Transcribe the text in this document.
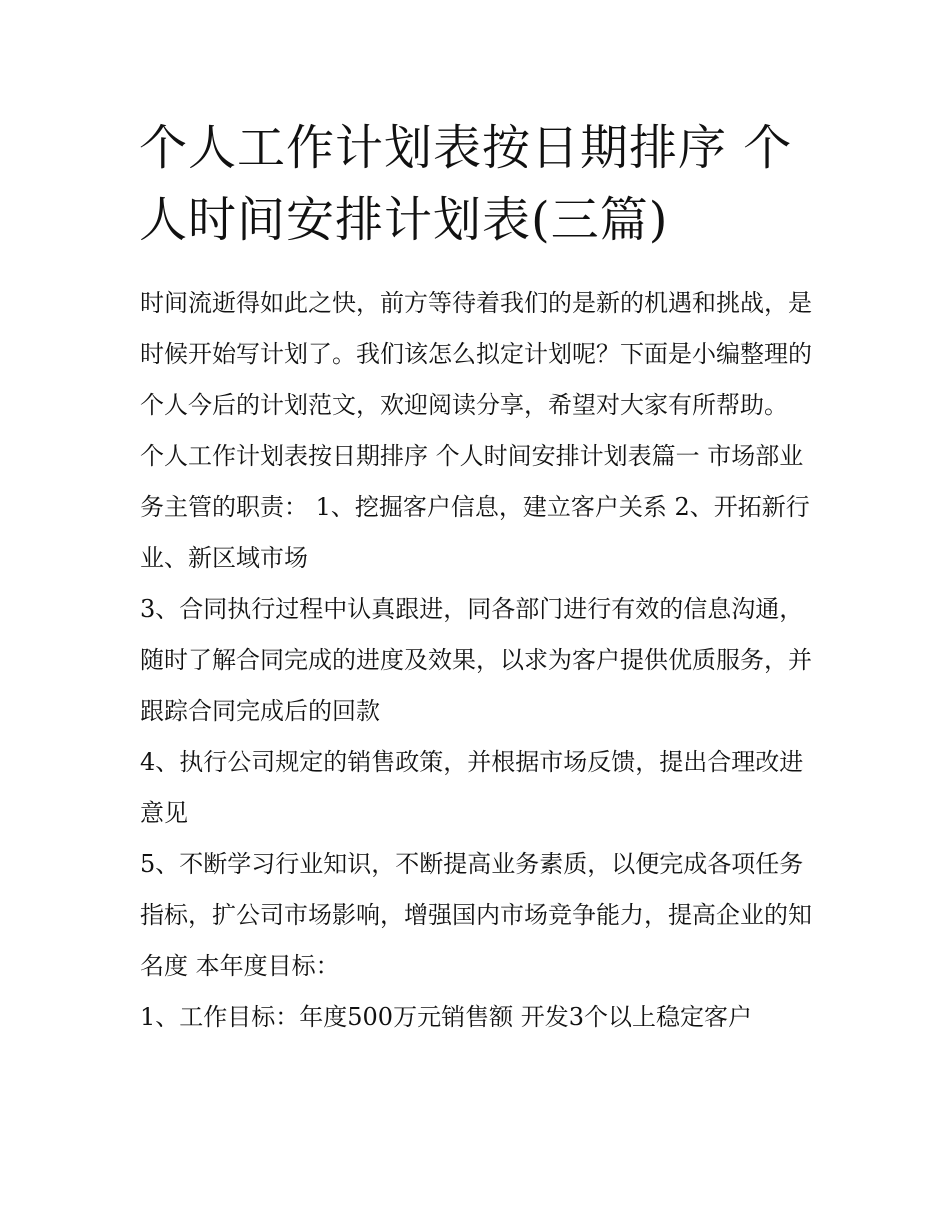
个人工作计划表按日期排序 个人时间安排计划表(三篇)

时间流逝得如此之快，前方等待着我们的是新的机遇和挑战，是时候开始写计划了。我们该怎么拟定计划呢？下面是小编整理的个人今后的计划范文，欢迎阅读分享，希望对大家有所帮助。

个人工作计划表按日期排序 个人时间安排计划表篇一 市场部业务主管的职责： 1、挖掘客户信息，建立客户关系 2、开拓新行业、新区域市场

3、合同执行过程中认真跟进，同各部门进行有效的信息沟通，随时了解合同完成的进度及效果，以求为客户提供优质服务，并跟踪合同完成后的回款

4、执行公司规定的销售政策，并根据市场反馈，提出合理改进意见

5、不断学习行业知识，不断提高业务素质，以便完成各项任务指标，扩公司市场影响，增强国内市场竞争能力，提高企业的知名度 本年度目标：

1、工作目标：年度500万元销售额 开发3个以上稳定客户
